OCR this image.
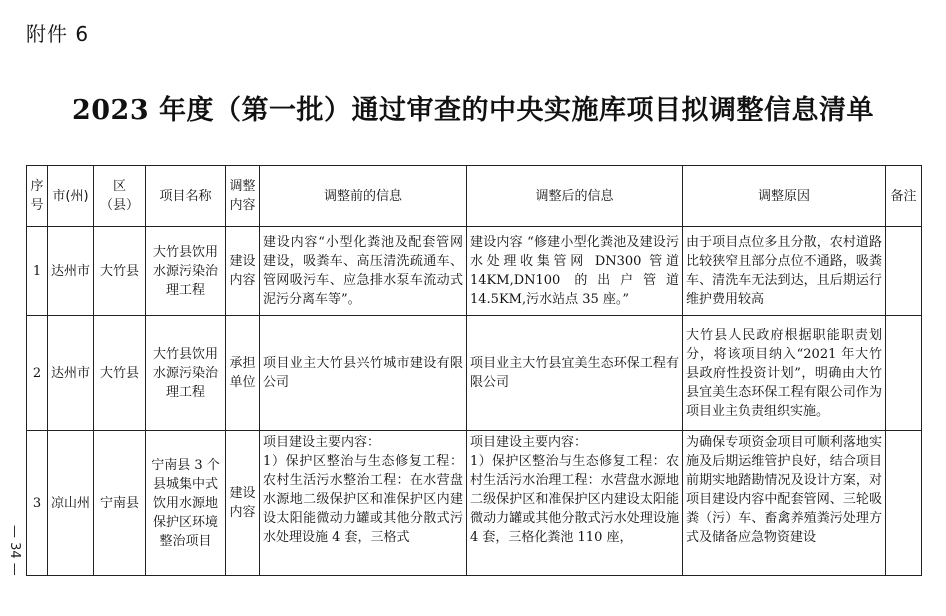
附件 6
2023 年度（第一批）通过审查的中央实施库项目拟调整信息清单
— 34 —
序号	市(州)	区（县）	项目名称	调整内容	调整前的信息	调整后的信息	调整原因	备注
1	达州市	大竹县	大竹县饮用水源污染治理工程	建设内容	建设内容“小型化粪池及配套管网建设，吸粪车、高压清洗疏通车、管网吸污车、应急排水泵车流动式泥污分离车等”。	建设内容 “修建小型化粪池及建设污水处理收集管网 DN300 管道14KM,DN100 的出户管道 14.5KM,污水站点 35 座。”	由于项目点位多且分散，农村道路比较狭窄且部分点位不通路，吸粪车、清洗车无法到达，且后期运行维护费用较高	
2	达州市	大竹县	大竹县饮用水源污染治理工程	承担单位	项目业主大竹县兴竹城市建设有限公司	项目业主大竹县宜美生态环保工程有限公司	大竹县人民政府根据职能职责划分，将该项目纳入“2021 年大竹县政府性投资计划”，明确由大竹县宜美生态环保工程有限公司作为项目业主负责组织实施。	
3	凉山州	宁南县	宁南县 3 个县城集中式饮用水源地保护区环境整治项目	建设内容	项目建设主要内容：
1）保护区整治与生态修复工程：农村生活污水整治工程：在水营盘水源地二级保护区和准保护区内建设太阳能微动力罐或其他分散式污水处理设施 4 套，三格式	项目建设主要内容：
1）保护区整治与生态修复工程：农村生活污水治理工程：水营盘水源地二级保护区和准保护区内建设太阳能微动力罐或其他分散式污水处理设施 4 套，三格化粪池 110 座，	为确保专项资金项目可顺利落地实施及后期运维管护良好，结合项目前期实地踏勘情况及设计方案，对项目建设内容中配套管网、三轮吸粪（污）车、畜禽养殖粪污处理方式及储备应急物资建设	
